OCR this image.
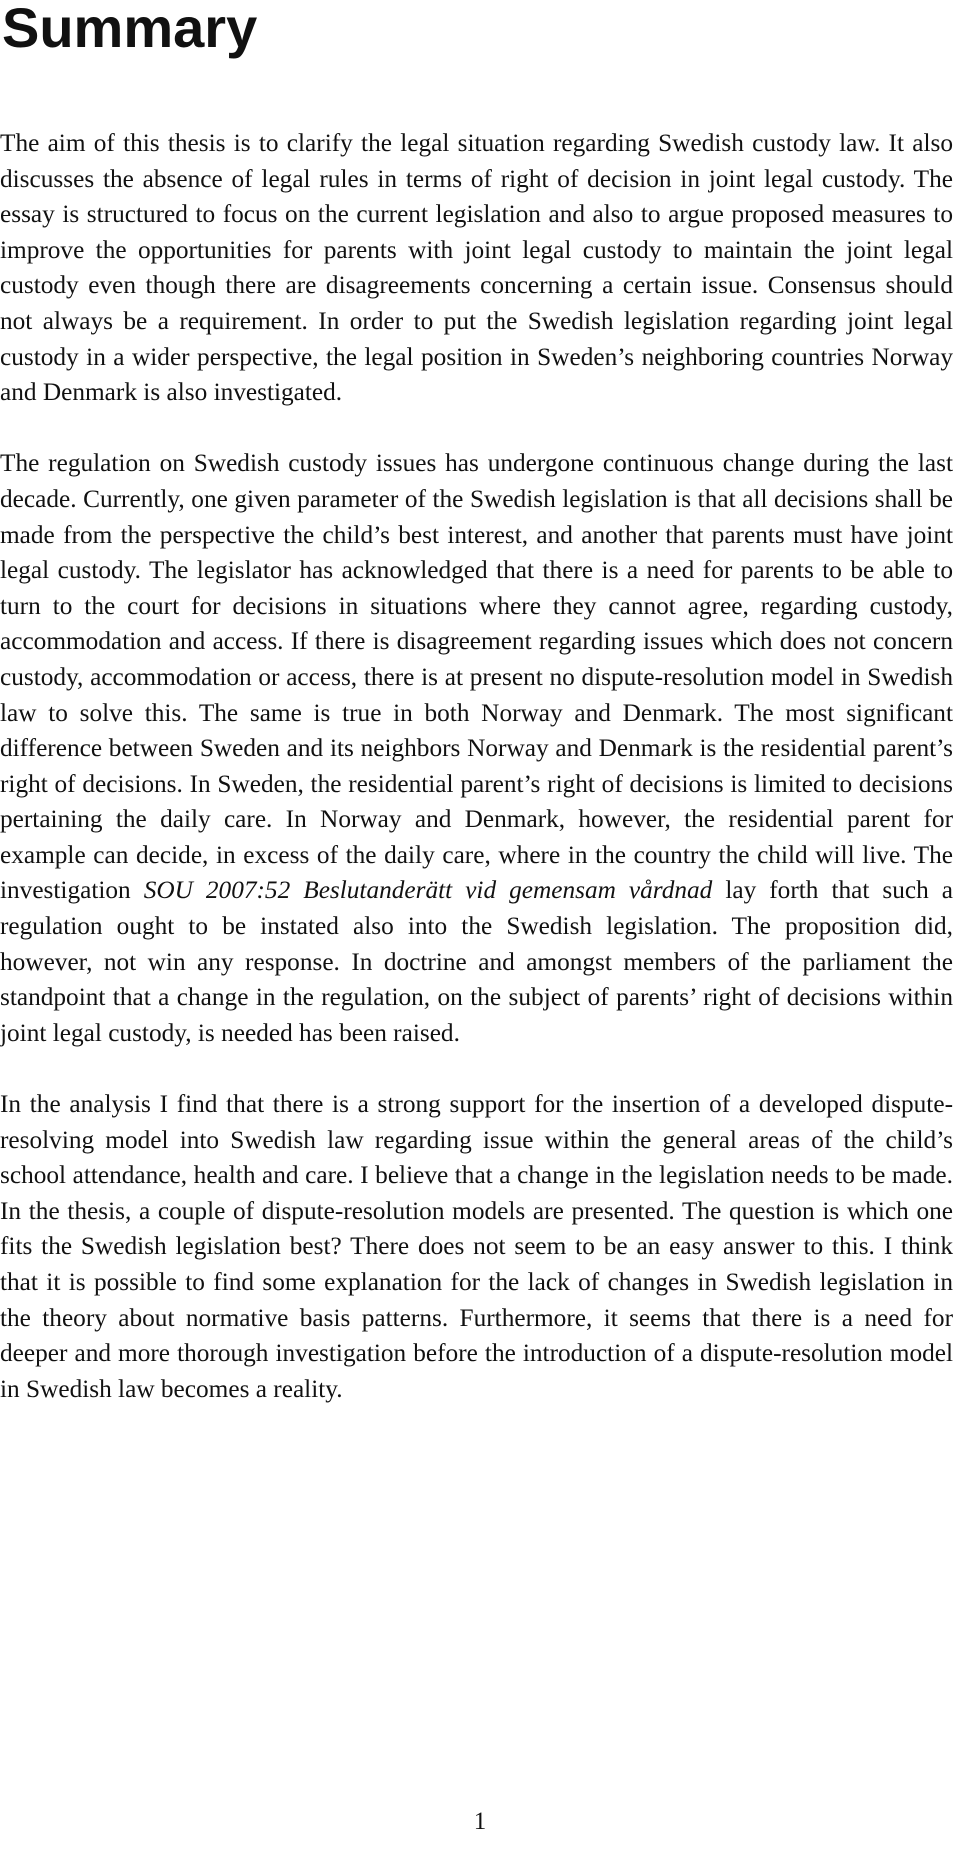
Summary

The aim of this thesis is to clarify the legal situation regarding Swedish custody law. It also discusses the absence of legal rules in terms of right of decision in joint legal custody. The essay is structured to focus on the current legislation and also to argue proposed measures to improve the opportunities for parents with joint legal custody to maintain the joint legal custody even though there are disagreements concerning a certain issue. Consensus should not always be a requirement. In order to put the Swedish legislation regarding joint legal custody in a wider perspective, the legal position in Sweden’s neighboring countries Norway and Denmark is also investigated.

The regulation on Swedish custody issues has undergone continuous change during the last decade. Currently, one given parameter of the Swedish legislation is that all decisions shall be made from the perspective the child’s best interest, and another that parents must have joint legal custody. The legislator has acknowledged that there is a need for parents to be able to turn to the court for decisions in situations where they cannot agree, regarding custody, accommodation and access. If there is disagreement regarding issues which does not concern custody, accommodation or access, there is at present no dispute-resolution model in Swedish law to solve this. The same is true in both Norway and Denmark. The most significant difference between Sweden and its neighbors Norway and Denmark is the residential parent’s right of decisions. In Sweden, the residential parent’s right of decisions is limited to decisions pertaining the daily care. In Norway and Denmark, however, the residential parent for example can decide, in excess of the daily care, where in the country the child will live. The investigation SOU 2007:52 Beslutanderätt vid gemensam vårdnad lay forth that such a regulation ought to be instated also into the Swedish legislation. The proposition did, however, not win any response. In doctrine and amongst members of the parliament the standpoint that a change in the regulation, on the subject of parents’ right of decisions within joint legal custody, is needed has been raised.

In the analysis I find that there is a strong support for the insertion of a developed dispute-resolving model into Swedish law regarding issue within the general areas of the child’s school attendance, health and care. I believe that a change in the legislation needs to be made. In the thesis, a couple of dispute-resolution models are presented. The question is which one fits the Swedish legislation best? There does not seem to be an easy answer to this. I think that it is possible to find some explanation for the lack of changes in Swedish legislation in the theory about normative basis patterns. Furthermore, it seems that there is a need for deeper and more thorough investigation before the introduction of a dispute-resolution model in Swedish law becomes a reality.

1
